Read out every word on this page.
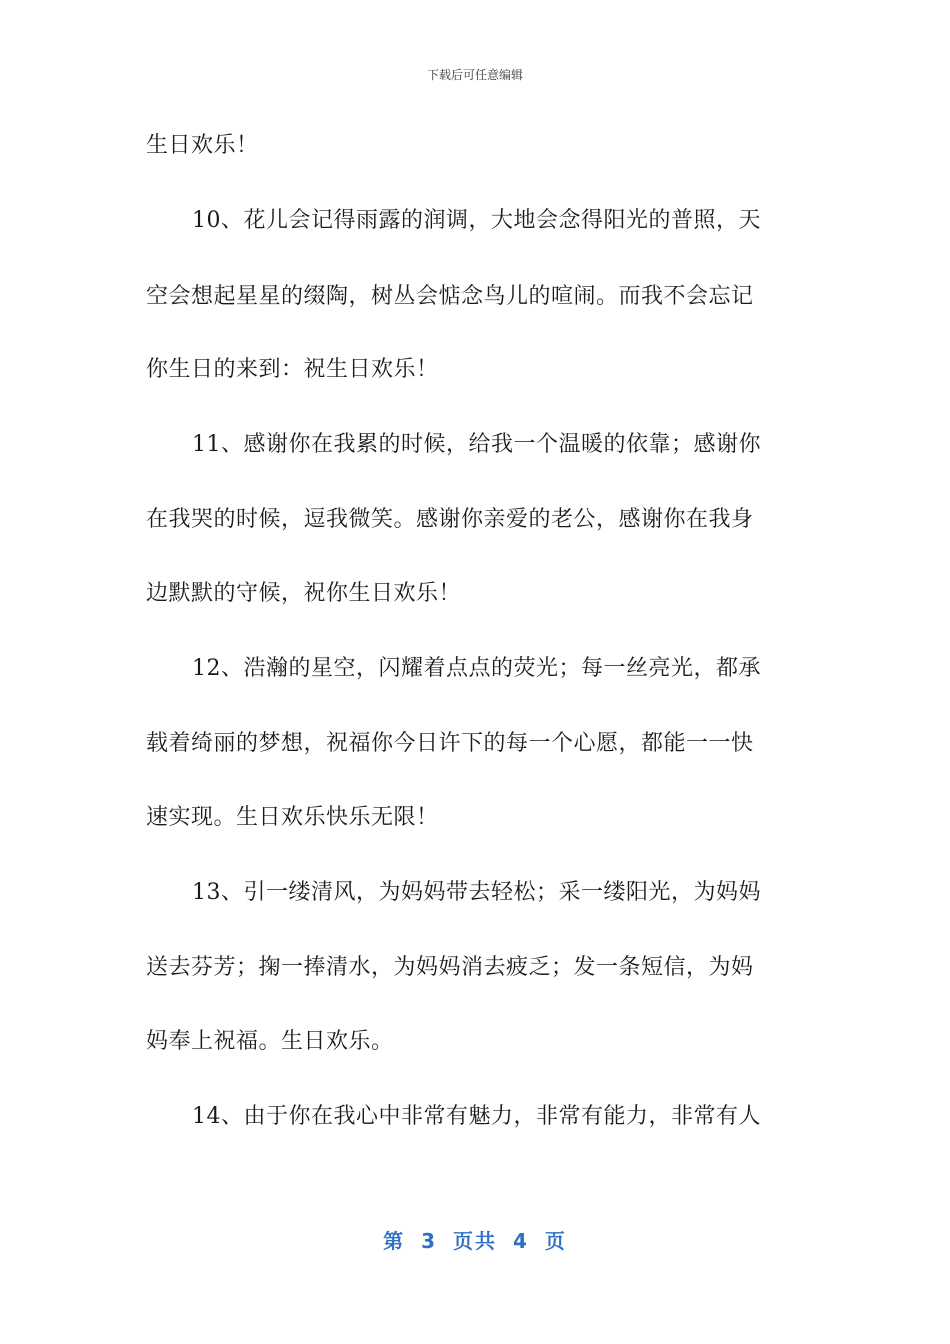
下载后可任意编辑
生日欢乐！
10、花儿会记得雨露的润调，大地会念得阳光的普照，天
空会想起星星的缀陶，树丛会惦念鸟儿的喧闹。而我不会忘记
你生日的来到：祝生日欢乐！
11、感谢你在我累的时候，给我一个温暖的依靠；感谢你
在我哭的时候，逗我微笑。感谢你亲爱的老公，感谢你在我身
边默默的守候，祝你生日欢乐！
12、浩瀚的星空，闪耀着点点的荧光；每一丝亮光，都承
载着绮丽的梦想，祝福你今日许下的每一个心愿，都能一一快
速实现。生日欢乐快乐无限！
13、引一缕清风，为妈妈带去轻松；采一缕阳光，为妈妈
送去芬芳；掬一捧清水，为妈妈消去疲乏；发一条短信，为妈
妈奉上祝福。生日欢乐。
14、由于你在我心中非常有魅力，非常有能力，非常有人
第 3 页共 4 页
